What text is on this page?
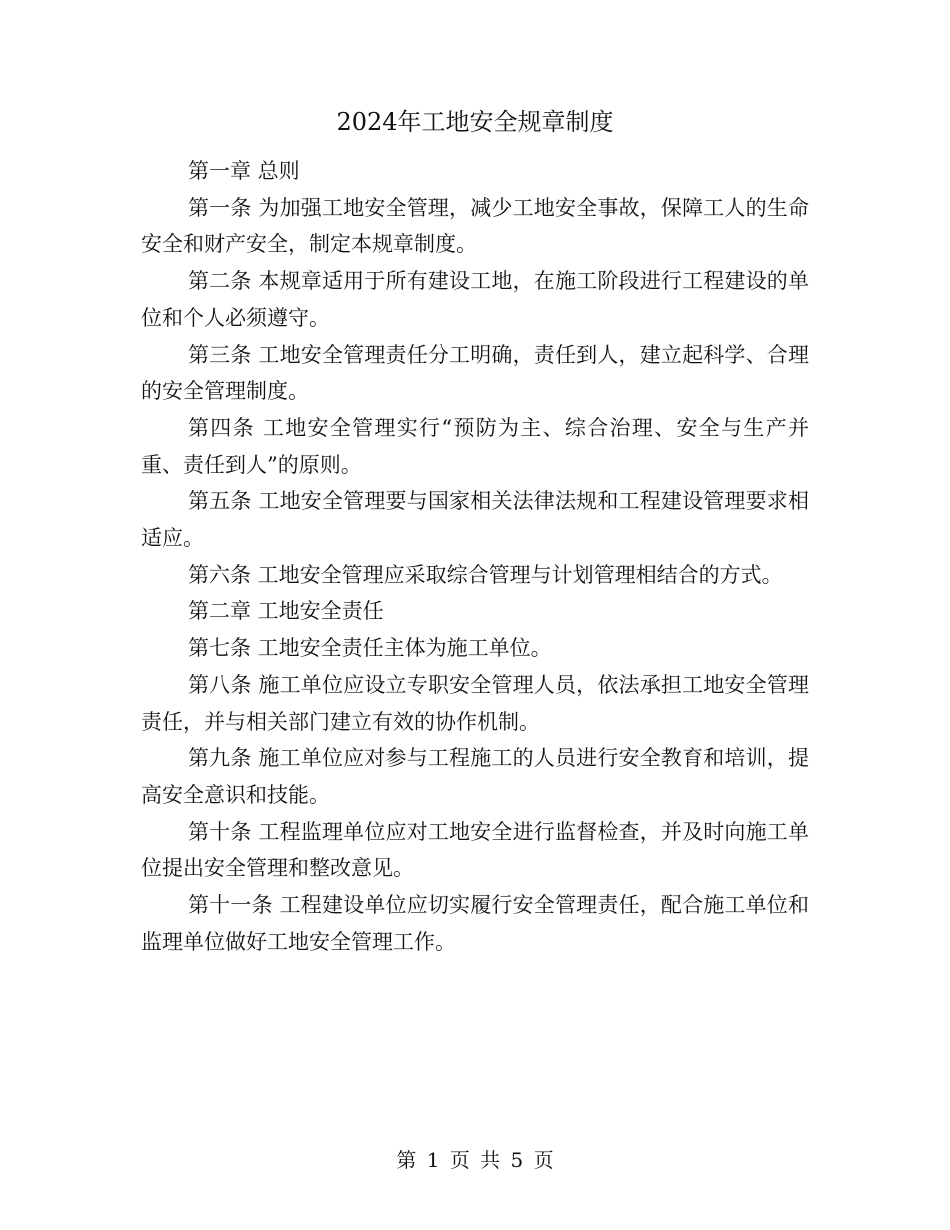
2024年工地安全规章制度

第一章 总则

第一条 为加强工地安全管理，减少工地安全事故，保障工人的生命安全和财产安全，制定本规章制度。

第二条 本规章适用于所有建设工地，在施工阶段进行工程建设的单位和个人必须遵守。

第三条 工地安全管理责任分工明确，责任到人，建立起科学、合理的安全管理制度。

第四条 工地安全管理实行“预防为主、综合治理、安全与生产并重、责任到人”的原则。

第五条 工地安全管理要与国家相关法律法规和工程建设管理要求相适应。

第六条 工地安全管理应采取综合管理与计划管理相结合的方式。

第二章 工地安全责任

第七条 工地安全责任主体为施工单位。

第八条 施工单位应设立专职安全管理人员，依法承担工地安全管理责任，并与相关部门建立有效的协作机制。

第九条 施工单位应对参与工程施工的人员进行安全教育和培训，提高安全意识和技能。

第十条 工程监理单位应对工地安全进行监督检查，并及时向施工单位提出安全管理和整改意见。

第十一条 工程建设单位应切实履行安全管理责任，配合施工单位和监理单位做好工地安全管理工作。

第 1 页 共 5 页
